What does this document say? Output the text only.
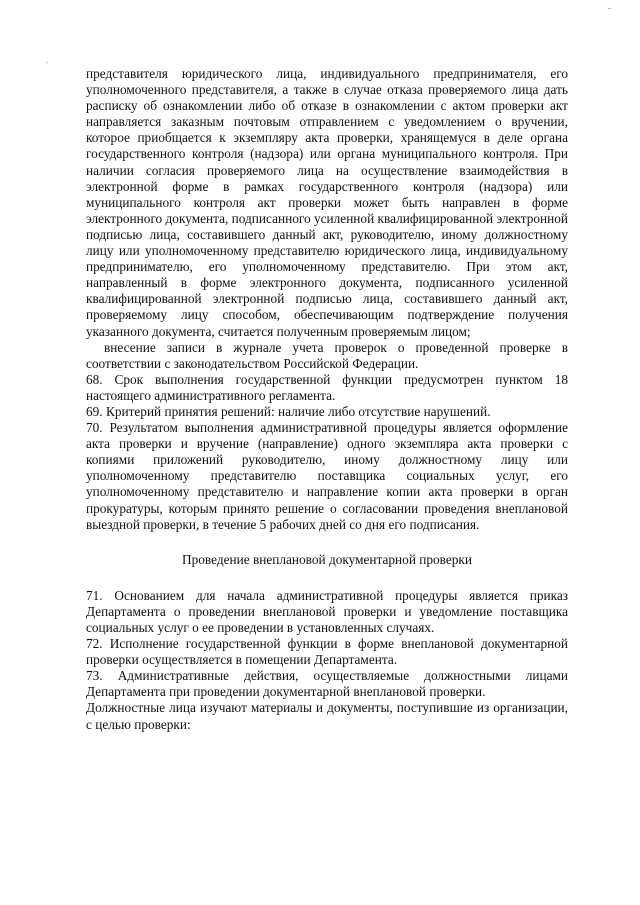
представителя юридического лица, индивидуального предпринимателя, его уполномоченного представителя, а также в случае отказа проверяемого лица дать расписку об ознакомлении либо об отказе в ознакомлении с актом проверки акт направляется заказным почтовым отправлением с уведомлением о вручении, которое приобщается к экземпляру акта проверки, хранящемуся в деле органа государственного контроля (надзора) или органа муниципального контроля. При наличии согласия проверяемого лица на осуществление взаимодействия в электронной форме в рамках государственного контроля (надзора) или муниципального контроля акт проверки может быть направлен в форме электронного документа, подписанного усиленной квалифицированной электронной подписью лица, составившего данный акт, руководителю, иному должностному лицу или уполномоченному представителю юридического лица, индивидуальному предпринимателю, его уполномоченному представителю. При этом акт, направленный в форме электронного документа, подписанного усиленной квалифицированной электронной подписью лица, составившего данный акт, проверяемому лицу способом, обеспечивающим подтверждение получения указанного документа, считается полученным проверяемым лицом;

внесение записи в журнале учета проверок о проведенной проверке в соответствии с законодательством Российской Федерации.

68. Срок выполнения государственной функции предусмотрен пунктом 18 настоящего административного регламента.

69. Критерий принятия решений: наличие либо отсутствие нарушений.

70. Результатом выполнения административной процедуры является оформление акта проверки и вручение (направление) одного экземпляра акта проверки с копиями приложений руководителю, иному должностному лицу или уполномоченному представителю поставщика социальных услуг, его уполномоченному представителю и направление копии акта проверки в орган прокуратуры, которым принято решение о согласовании проведения внеплановой выездной проверки, в течение 5 рабочих дней со дня его подписания.

Проведение внеплановой документарной проверки

71. Основанием для начала административной процедуры является приказ Департамента о проведении внеплановой проверки и уведомление поставщика социальных услуг о ее проведении в установленных случаях.

72. Исполнение государственной функции в форме внеплановой документарной проверки осуществляется в помещении Департамента.

73. Административные действия, осуществляемые должностными лицами Департамента при проведении документарной внеплановой проверки.

Должностные лица изучают материалы и документы, поступившие из организации, с целью проверки:
